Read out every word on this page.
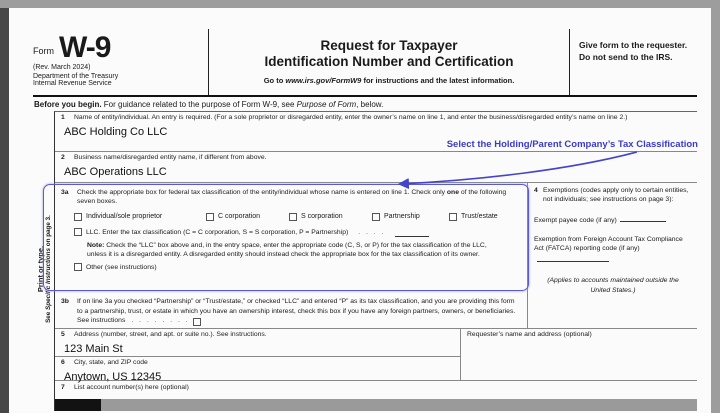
Form W-9
(Rev. March 2024)
Department of the Treasury
Internal Revenue Service
Request for Taxpayer
Identification Number and Certification
Go to www.irs.gov/FormW9 for instructions and the latest information.
Give form to the requester. Do not send to the IRS.
Before you begin. For guidance related to the purpose of Form W-9, see Purpose of Form, below.
Print or type.
See Specific Instructions on page 3.
1	Name of entity/individual. An entry is required. (For a sole proprietor or disregarded entity, enter the owner’s name on line 1, and enter the business/disregarded entity’s name on line 2.)
ABC Holding Co LLC
2	Business name/disregarded entity name, if different from above.
ABC Operations LLC
3a	Check the appropriate box for federal tax classification of the entity/individual whose name is entered on line 1. Check only one of the following seven boxes.
Individual/sole proprietor	C corporation	S corporation	Partnership	Trust/estate
LLC. Enter the tax classification (C = C corporation, S = S corporation, P = Partnership) . . . .
Note: Check the “LLC” box above and, in the entry space, enter the appropriate code (C, S, or P) for the tax classification of the LLC, unless it is a disregarded entity. A disregarded entity should instead check the appropriate box for the tax classification of its owner.
Other (see instructions)
3b	If on line 3a you checked “Partnership” or “Trust/estate,” or checked “LLC” and entered “P” as its tax classification, and you are providing this form to a partnership, trust, or estate in which you have an ownership interest, check this box if you have any foreign partners, owners, or beneficiaries. See instructions . . . . . . . .
4 Exemptions (codes apply only to certain entities, not individuals; see instructions on page 3):
Exempt payee code (if any)
Exemption from Foreign Account Tax Compliance Act (FATCA) reporting code (if any)
(Applies to accounts maintained outside the United States.)
5	Address (number, street, and apt. or suite no.). See instructions.
123 Main St
6	City, state, and ZIP code
Anytown, US 12345
Requester’s name and address (optional)
7	List account number(s) here (optional)
Select the Holding/Parent Company’s Tax Classification
